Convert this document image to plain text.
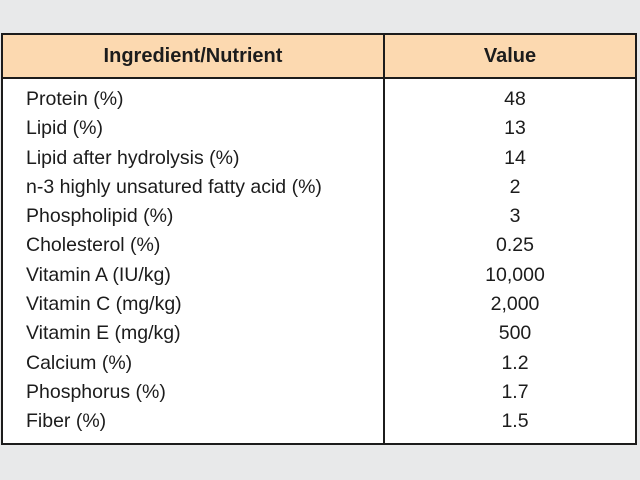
Ingredient/Nutrient	Value
Protein (%)	48
Lipid (%)	13
Lipid after hydrolysis (%)	14
n-3 highly unsatured fatty acid (%)	2
Phospholipid (%)	3
Cholesterol (%)	0.25
Vitamin A (IU/kg)	10,000
Vitamin C (mg/kg)	2,000
Vitamin E (mg/kg)	500
Calcium (%)	1.2
Phosphorus (%)	1.7
Fiber (%)	1.5
